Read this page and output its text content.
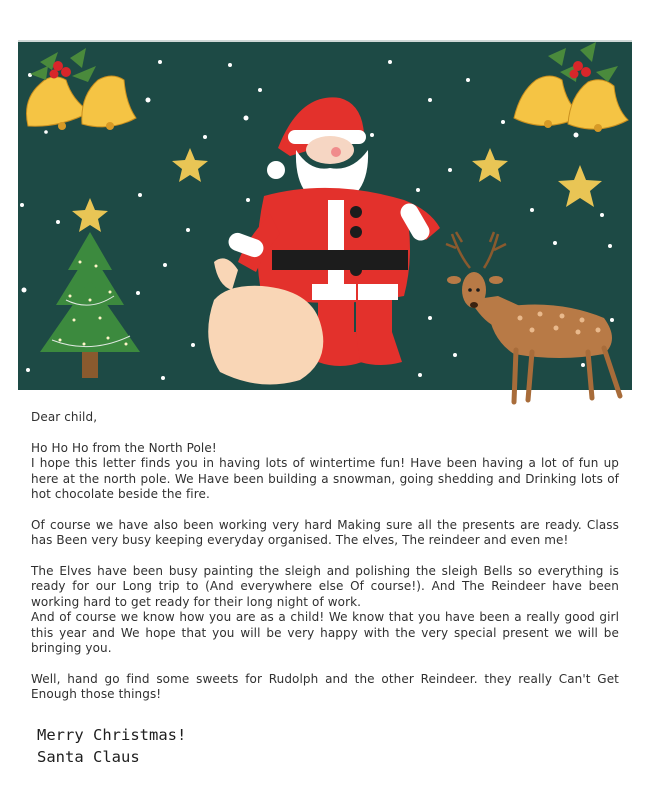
Dear child,

Ho Ho Ho from the North Pole!

I hope this letter finds you in having lots of wintertime fun! Have been having a lot of fun up here at the north pole. We Have been building a snowman, going shedding and Drinking lots of hot chocolate beside the fire.

Of course we have also been working very hard Making sure all the presents are ready. Class has Been very busy keeping everyday organised. The elves, The reindeer and even me!

The Elves have been busy painting the sleigh and polishing the sleigh Bells so everything is ready for our Long trip to (And everywhere else Of course!). And The Reindeer have been working hard to get ready for their long night of work.

And of course we know how you are as a child! We know that you have been a really good girl this year and We hope that you will be very happy with the very special present we will be bringing you.

Well, hand go find some sweets for Rudolph and the other Reindeer. they really Can't Get Enough those things!

Merry Christmas!
Santa Claus
